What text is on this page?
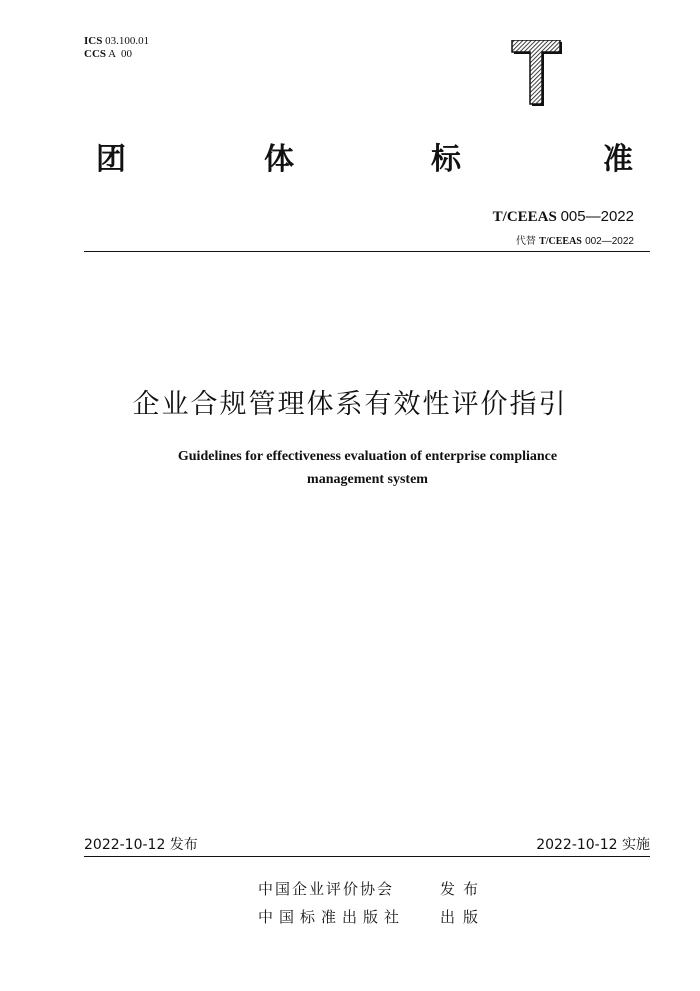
ICS 03.100.01
CCS A  00
团	体	标	准
T/CEEAS 005—2022
代替 T/CEEAS 002—2022
企业合规管理体系有效性评价指引
Guidelines for effectiveness evaluation of enterprise compliance
management system
2022-10-12 发布	2022-10-12 实施
中国企业评价协会	发布
中国标准出版社 出版
